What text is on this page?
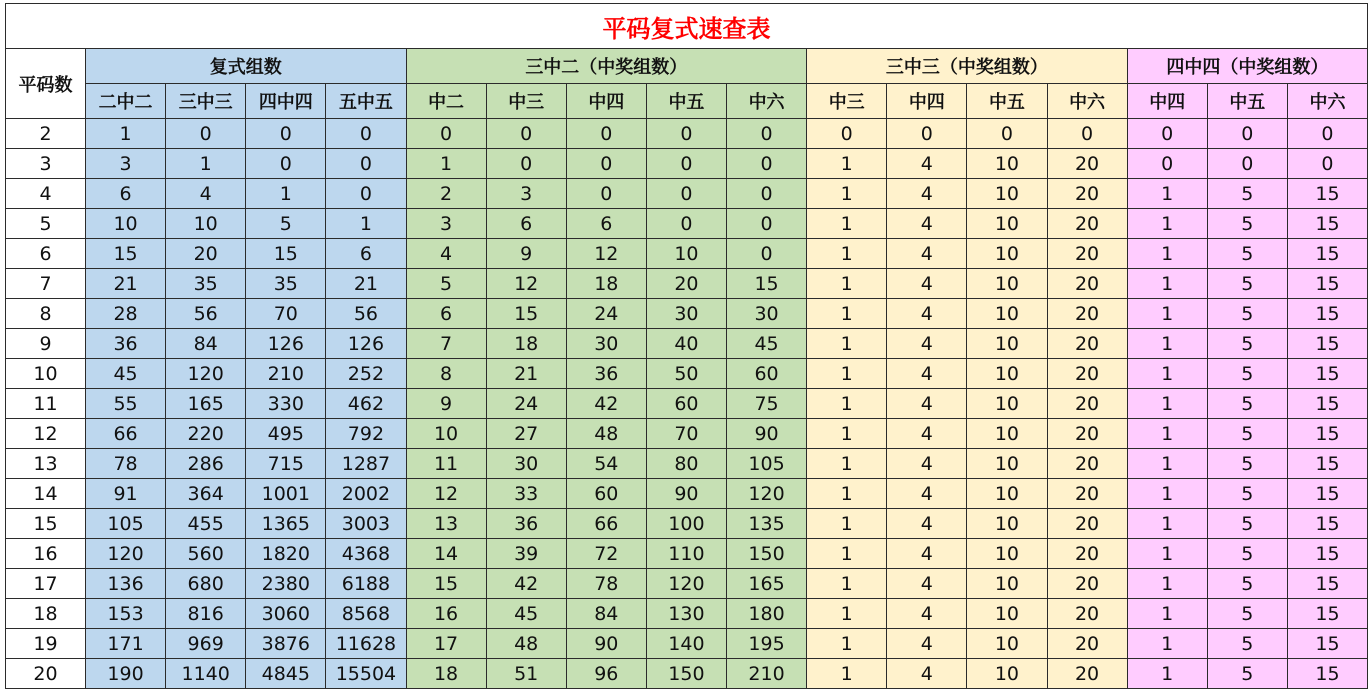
平码复式速查表																
平码数	复式组数				三中二（中奖组数）					三中三（中奖组数）				四中四（中奖组数）		
	二中二	三中三	四中四	五中五	中二	中三	中四	中五	中六	中三	中四	中五	中六	中四	中五	中六
2	1	0	0	0	0	0	0	0	0	0	0	0	0	0	0	0
3	3	1	0	0	1	0	0	0	0	1	4	10	20	0	0	0
4	6	4	1	0	2	3	0	0	0	1	4	10	20	1	5	15
5	10	10	5	1	3	6	6	0	0	1	4	10	20	1	5	15
6	15	20	15	6	4	9	12	10	0	1	4	10	20	1	5	15
7	21	35	35	21	5	12	18	20	15	1	4	10	20	1	5	15
8	28	56	70	56	6	15	24	30	30	1	4	10	20	1	5	15
9	36	84	126	126	7	18	30	40	45	1	4	10	20	1	5	15
10	45	120	210	252	8	21	36	50	60	1	4	10	20	1	5	15
11	55	165	330	462	9	24	42	60	75	1	4	10	20	1	5	15
12	66	220	495	792	10	27	48	70	90	1	4	10	20	1	5	15
13	78	286	715	1287	11	30	54	80	105	1	4	10	20	1	5	15
14	91	364	1001	2002	12	33	60	90	120	1	4	10	20	1	5	15
15	105	455	1365	3003	13	36	66	100	135	1	4	10	20	1	5	15
16	120	560	1820	4368	14	39	72	110	150	1	4	10	20	1	5	15
17	136	680	2380	6188	15	42	78	120	165	1	4	10	20	1	5	15
18	153	816	3060	8568	16	45	84	130	180	1	4	10	20	1	5	15
19	171	969	3876	11628	17	48	90	140	195	1	4	10	20	1	5	15
20	190	1140	4845	15504	18	51	96	150	210	1	4	10	20	1	5	15
